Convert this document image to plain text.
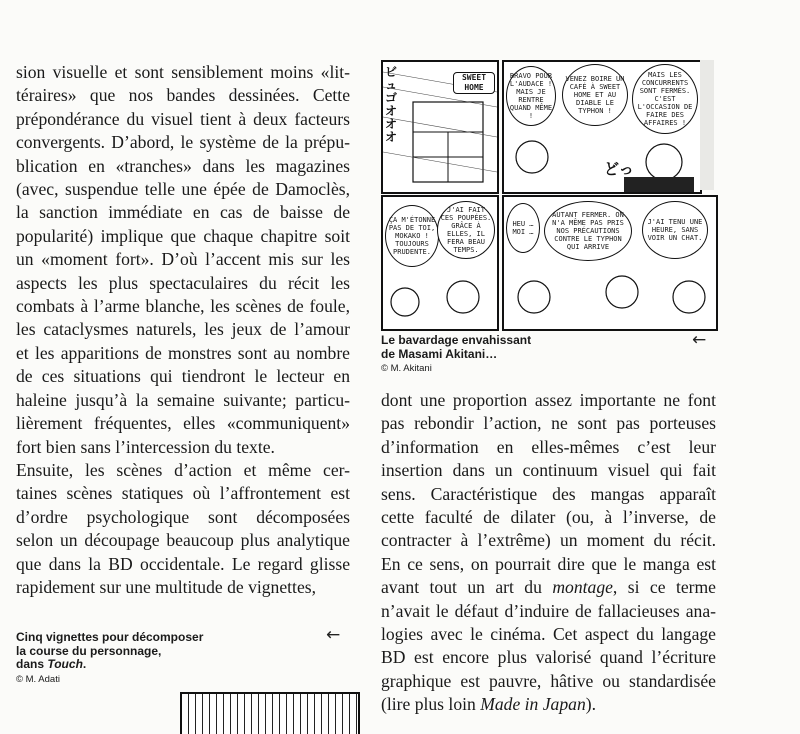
sion visuelle et sont sensiblement moins «lit-
téraires» que nos bandes dessinées. Cette
prépondérance du visuel tient à deux facteurs
convergents. D’abord, le système de la prépu-
blication en «tranches» dans les magazines
(avec, suspendue telle une épée de Damoclès,
la sanction immédiate en cas de baisse de
popularité) implique que chaque chapitre soit
un «moment fort». D’où l’accent mis sur les
aspects les plus spectaculaires du récit les
combats à l’arme blanche, les scènes de foule,
les cataclysmes naturels, les jeux de l’amour
et les apparitions de monstres sont au nombre
de ces situations qui tiendront le lecteur en
haleine jusqu’à la semaine suivante; particu-
lièrement fréquentes, elles «communiquent»
fort bien sans l’intercession du texte.
Ensuite, les scènes d’action et même cer-
taines scènes statiques où l’affrontement est
d’ordre psychologique sont décomposées
selon un découpage beaucoup plus analytique
que dans la BD occidentale. Le regard glisse
rapidement sur une multitude de vignettes,
dont une proportion assez importante ne font
pas rebondir l’action, ne sont pas porteuses
d’information en elles-mêmes c’est leur
insertion dans un continuum visuel qui fait
sens. Caractéristique des mangas apparaît
cette faculté de dilater (ou, à l’inverse, de
contracter à l’extrême) un moment du récit.
En ce sens, on pourrait dire que le manga est
avant tout un art du montage, si ce terme
n’avait le défaut d’induire de fallacieuses ana-
logies avec le cinéma. Cet aspect du langage
BD est encore plus valorisé quand l’écriture
graphique est pauvre, hâtive ou standardisée
(lire plus loin Made in Japan).
SWEET HOME
ビュゴオオオ
BRAVO POUR L'AUDACE ! MAIS JE RENTRE QUAND MÊME !
VENEZ BOIRE UN CAFÉ À SWEET HOME ET AU DIABLE LE TYPHON !
MAIS LES CONCURRENTS SONT FERMÉS. C'EST L'OCCASION DE FAIRE DES AFFAIRES !
どっ
ÇA M'ÉTONNE PAS DE TOI, MOKAKO ! TOUJOURS PRUDENTE.
J'AI FAIT CES POUPÉES. GRÂCE À ELLES, IL FERA BEAU TEMPS.
HEU … MOI …
AUTANT FERMER. ON N'A MÊME PAS PRIS NOS PRÉCAUTIONS CONTRE LE TYPHON QUI ARRIVE
J'AI TENU UNE HEURE, SANS VOIR UN CHAT.
Le bavardage envahissant
de Masami Akitani…
© M. Akitani
←
Cinq vignettes pour décomposer
la course du personnage,
dans Touch.
© M. Adati
←
